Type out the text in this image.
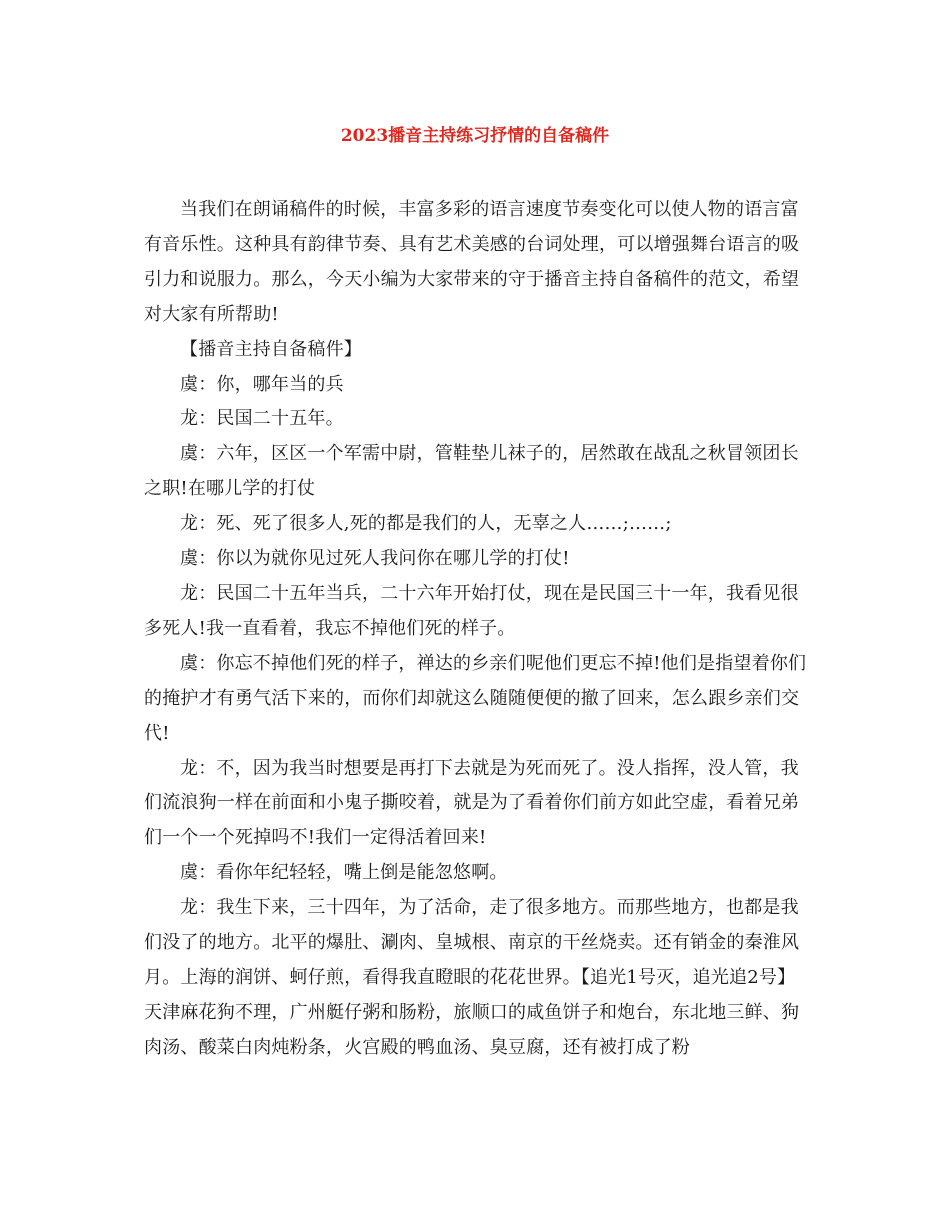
2023播音主持练习抒情的自备稿件

当我们在朗诵稿件的时候，丰富多彩的语言速度节奏变化可以使人物的语言富有音乐性。这种具有韵律节奏、具有艺术美感的台词处理，可以增强舞台语言的吸引力和说服力。那么，今天小编为大家带来的守于播音主持自备稿件的范文，希望对大家有所帮助!

【播音主持自备稿件】

虞：你，哪年当的兵

龙：民国二十五年。

虞：六年，区区一个军需中尉，管鞋垫儿袜子的，居然敢在战乱之秋冒领团长之职!在哪儿学的打仗

龙：死、死了很多人,死的都是我们的人，无辜之人……;……;

虞：你以为就你见过死人我问你在哪儿学的打仗!

龙：民国二十五年当兵，二十六年开始打仗，现在是民国三十一年，我看见很多死人!我一直看着，我忘不掉他们死的样子。

虞：你忘不掉他们死的样子，禅达的乡亲们呢他们更忘不掉!他们是指望着你们的掩护才有勇气活下来的，而你们却就这么随随便便的撤了回来，怎么跟乡亲们交代!

龙：不，因为我当时想要是再打下去就是为死而死了。没人指挥，没人管，我们流浪狗一样在前面和小鬼子撕咬着，就是为了看着你们前方如此空虚，看着兄弟们一个一个死掉吗不!我们一定得活着回来!

虞：看你年纪轻轻，嘴上倒是能忽悠啊。

龙：我生下来，三十四年，为了活命，走了很多地方。而那些地方，也都是我们没了的地方。北平的爆肚、涮肉、皇城根、南京的干丝烧卖。还有销金的秦淮风月。上海的润饼、蚵仔煎，看得我直瞪眼的花花世界。【追光1号灭，追光追2号】天津麻花狗不理，广州艇仔粥和肠粉，旅顺口的咸鱼饼子和炮台，东北地三鲜、狗肉汤、酸菜白肉炖粉条，火宫殿的鸭血汤、臭豆腐，还有被打成了粉
